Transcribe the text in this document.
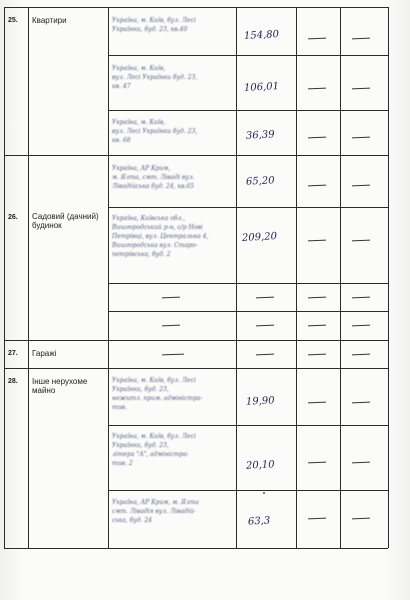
25. Квартири
26. Садовий (дачний) будинок
27. Гаражі
28. Інше нерухоме майно
Україна, м. Київ, бул. Лесі
Українки, буд. 23, кв.40
Україна, м. Київ,
вул. Лесі Українки буд. 23,
кв. 47
Україна, м. Київ,
вул. Лесі Українки буд. 23,
кв. 68
Україна, АР Крим,
м. Ялта, смт. Ліваді вул.
Лівадійська буд. 24, кв.65
Україна, Київська обл.,
Вишгородський р-н, с/р Нові
Петрівці, вул. Центральна 4,
Вишгородська вул. Старо-
петрівська, буд. 2
Україна, м. Київ, бул. Лесі
Українки, буд. 23,
нежитл. прим. адміністра-
тив.
Україна, м. Київ, бул. Лесі
Українки, буд. 23,
літера "А", адміністра-
тив. 2
Україна, АР Крим, м. Ялта
смт. Лівадія вул. Лівадій-
ська, буд. 24
154,80
106,01
36,39
65,20
209,20
19,90
20,10
63,3
